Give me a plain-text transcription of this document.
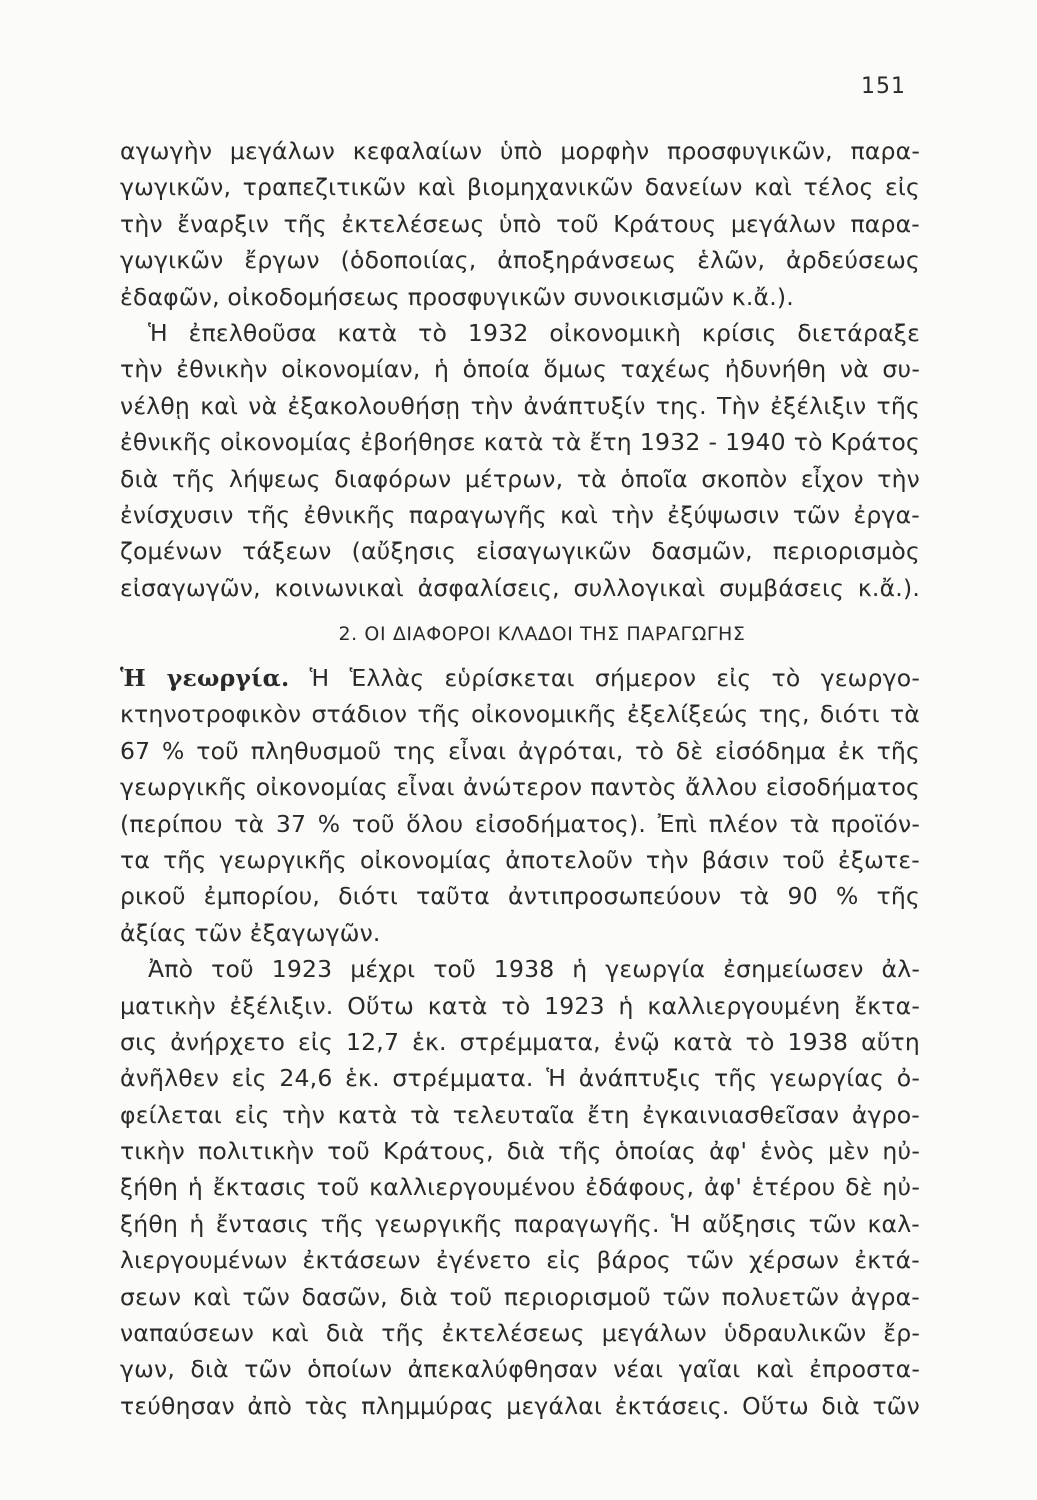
151
αγωγὴν μεγάλων κεφαλαίων ὑπὸ μορφὴν προσφυγικῶν, παρα-
γωγικῶν, τραπεζιτικῶν καὶ βιομηχανικῶν δανείων καὶ τέλος εἰς
τὴν ἔναρξιν τῆς ἐκτελέσεως ὑπὸ τοῦ Κράτους μεγάλων παρα-
γωγικῶν ἔργων (ὁδοποιίας, ἀποξηράνσεως ἑλῶν, ἀρδεύσεως
ἐδαφῶν, οἰκοδομήσεως προσφυγικῶν συνοικισμῶν κ.ἄ.).
Ἡ ἐπελθοῦσα κατὰ τὸ 1932 οἰκονομικὴ κρίσις διετάραξε
τὴν ἐθνικὴν οἰκονομίαν, ἡ ὁποία ὅμως ταχέως ἠδυνήθη νὰ συ-
νέλθῃ καὶ νὰ ἐξακολουθήσῃ τὴν ἀνάπτυξίν της. Τὴν ἐξέλιξιν τῆς
ἐθνικῆς οἰκονομίας ἐβοήθησε κατὰ τὰ ἔτη 1932 - 1940 τὸ Κράτος
διὰ τῆς λήψεως διαφόρων μέτρων, τὰ ὁποῖα σκοπὸν εἶχον τὴν
ἐνίσχυσιν τῆς ἐθνικῆς παραγωγῆς καὶ τὴν ἐξύψωσιν τῶν ἐργα-
ζομένων τάξεων (αὔξησις εἰσαγωγικῶν δασμῶν, περιορισμὸς
εἰσαγωγῶν, κοινωνικαὶ ἀσφαλίσεις, συλλογικαὶ συμβάσεις κ.ἄ.).
2. ΟΙ ΔΙΑΦΟΡΟΙ ΚΛΑΔΟΙ ΤΗΣ ΠΑΡΑΓΩΓΗΣ
Ἡ γεωργία. Ἡ Ἑλλὰς εὑρίσκεται σήμερον εἰς τὸ γεωργο-
κτηνοτροφικὸν στάδιον τῆς οἰκονομικῆς ἐξελίξεώς της, διότι τὰ
67 % τοῦ πληθυσμοῦ της εἶναι ἀγρόται, τὸ δὲ εἰσόδημα ἐκ τῆς
γεωργικῆς οἰκονομίας εἶναι ἀνώτερον παντὸς ἄλλου εἰσοδήματος
(περίπου τὰ 37 % τοῦ ὅλου εἰσοδήματος). Ἐπὶ πλέον τὰ προϊόν-
τα τῆς γεωργικῆς οἰκονομίας ἀποτελοῦν τὴν βάσιν τοῦ ἐξωτε-
ρικοῦ ἐμπορίου, διότι ταῦτα ἀντιπροσωπεύουν τὰ 90 % τῆς
ἀξίας τῶν ἐξαγωγῶν.
Ἀπὸ τοῦ 1923 μέχρι τοῦ 1938 ἡ γεωργία ἐσημείωσεν ἀλ-
ματικὴν ἐξέλιξιν. Οὕτω κατὰ τὸ 1923 ἡ καλλιεργουμένη ἔκτα-
σις ἀνήρχετο εἰς 12,7 ἑκ. στρέμματα, ἐνῷ κατὰ τὸ 1938 αὕτη
ἀνῆλθεν εἰς 24,6 ἑκ. στρέμματα. Ἡ ἀνάπτυξις τῆς γεωργίας ὀ-
φείλεται εἰς τὴν κατὰ τὰ τελευταῖα ἔτη ἐγκαινιασθεῖσαν ἀγρο-
τικὴν πολιτικὴν τοῦ Κράτους, διὰ τῆς ὁποίας ἀφ' ἑνὸς μὲν ηὐ-
ξήθη ἡ ἔκτασις τοῦ καλλιεργουμένου ἐδάφους, ἀφ' ἑτέρου δὲ ηὐ-
ξήθη ἡ ἔντασις τῆς γεωργικῆς παραγωγῆς. Ἡ αὔξησις τῶν καλ-
λιεργουμένων ἐκτάσεων ἐγένετο εἰς βάρος τῶν χέρσων ἐκτά-
σεων καὶ τῶν δασῶν, διὰ τοῦ περιορισμοῦ τῶν πολυετῶν ἀγρα-
ναπαύσεων καὶ διὰ τῆς ἐκτελέσεως μεγάλων ὑδραυλικῶν ἔρ-
γων, διὰ τῶν ὁποίων ἀπεκαλύφθησαν νέαι γαῖαι καὶ ἐπροστα-
τεύθησαν ἀπὸ τὰς πλημμύρας μεγάλαι ἐκτάσεις. Οὕτω διὰ τῶν
